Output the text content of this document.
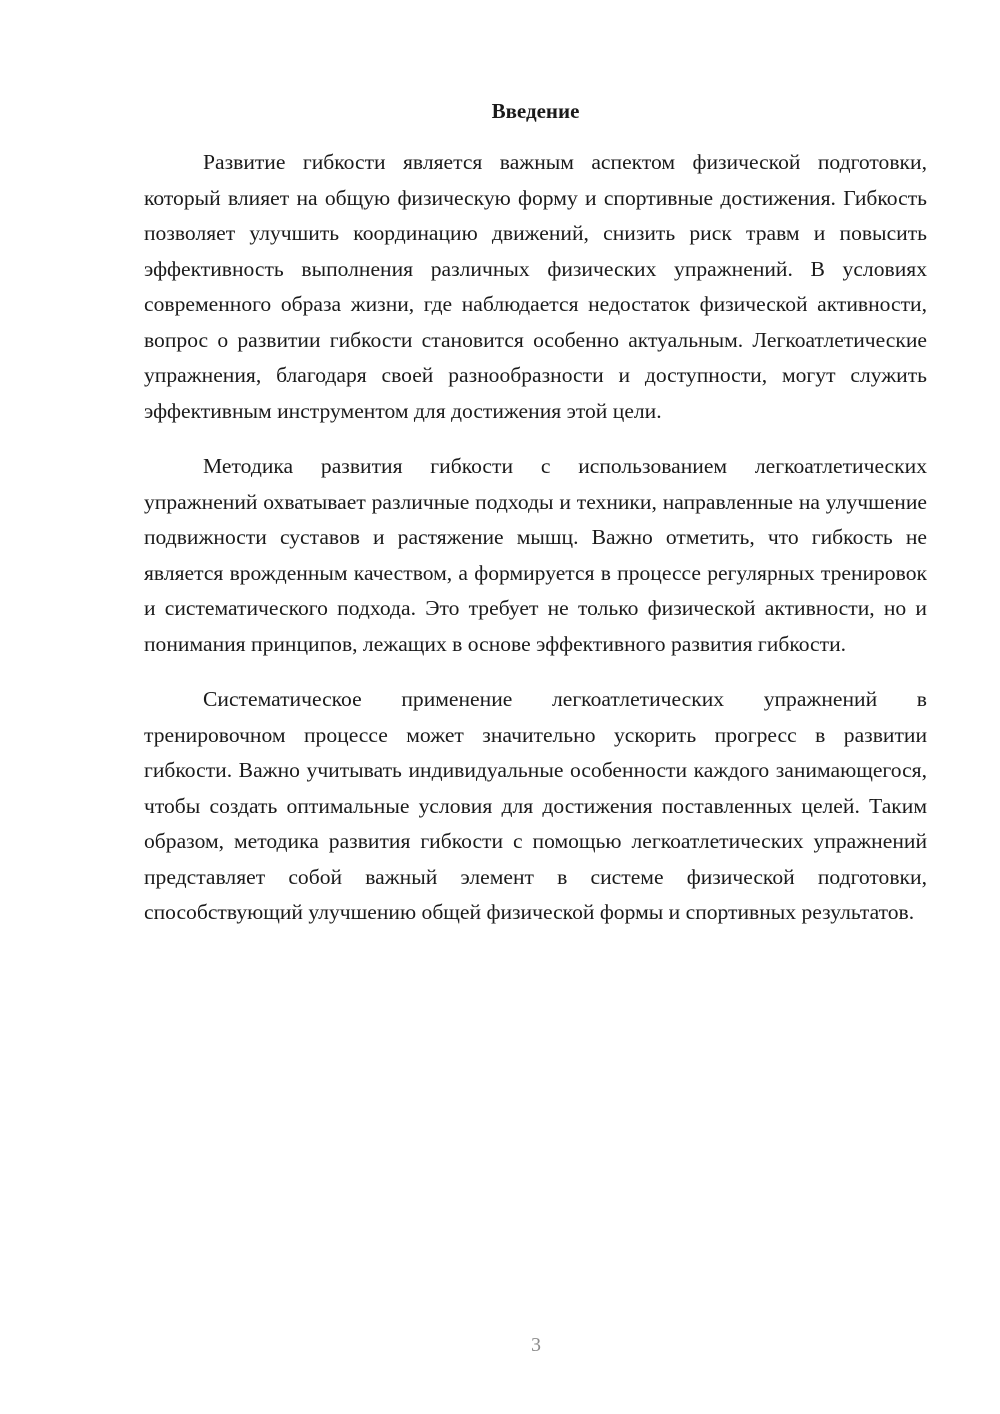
Введение

Развитие гибкости является важным аспектом физической подготовки, который влияет на общую физическую форму и спортивные достижения. Гибкость позволяет улучшить координацию движений, снизить риск травм и повысить эффективность выполнения различных физических упражнений. В условиях современного образа жизни, где наблюдается недостаток физической активности, вопрос о развитии гибкости становится особенно актуальным. Легкоатлетические упражнения, благодаря своей разнообразности и доступности, могут служить эффективным инструментом для достижения этой цели.

Методика развития гибкости с использованием легкоатлетических упражнений охватывает различные подходы и техники, направленные на улучшение подвижности суставов и растяжение мышц. Важно отметить, что гибкость не является врожденным качеством, а формируется в процессе регулярных тренировок и систематического подхода. Это требует не только физической активности, но и понимания принципов, лежащих в основе эффективного развития гибкости.

Систематическое применение легкоатлетических упражнений в тренировочном процессе может значительно ускорить прогресс в развитии гибкости. Важно учитывать индивидуальные особенности каждого занимающегося, чтобы создать оптимальные условия для достижения поставленных целей. Таким образом, методика развития гибкости с помощью легкоатлетических упражнений представляет собой важный элемент в системе физической подготовки, способствующий улучшению общей физической формы и спортивных результатов.

3
